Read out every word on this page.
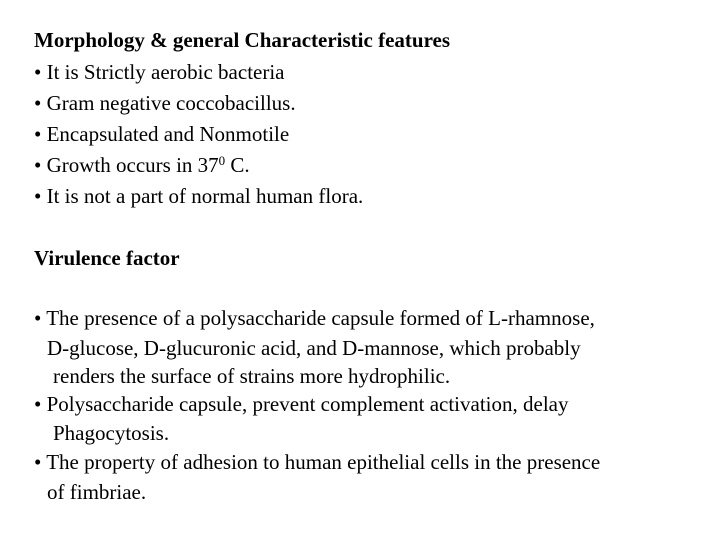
Morphology & general Characteristic features

• It is Strictly aerobic bacteria

• Gram negative coccobacillus.

• Encapsulated and Nonmotile

• Growth occurs in $37^0$ C.

• It is not a part of normal human flora.

Virulence factor

• The presence of a polysaccharide capsule formed of L-rhamnose,

D-glucose, D-glucuronic acid, and D-mannose, which probably

renders the surface of strains more hydrophilic.

• Polysaccharide capsule, prevent complement activation, delay

Phagocytosis.

• The property of adhesion to human epithelial cells in the presence

of fimbriae.
